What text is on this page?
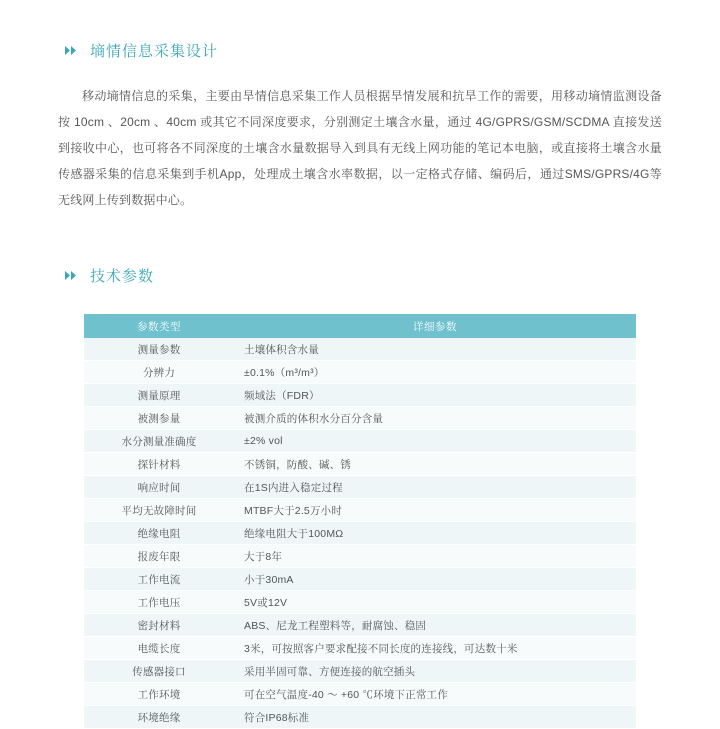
墒情信息采集设计

移动墒情信息的采集，主要由旱情信息采集工作人员根据旱情发展和抗旱工作的需要，用移动墒情监测设备按 10cm 、20cm 、40cm 或其它不同深度要求，分别测定土壤含水量，通过 4G/GPRS/GSM/SCDMA 直接发送到接收中心，也可将各不同深度的土壤含水量数据导入到具有无线上网功能的笔记本电脑，或直接将土壤含水量传感器采集的信息采集到手机App，处理成土壤含水率数据，以一定格式存储、编码后，通过SMS/GPRS/4G等无线网上传到数据中心。

技术参数
参数类型	详细参数
测量参数	土壤体积含水量
分辨力	±0.1%（m³/m³）
测量原理	频域法（FDR）
被测参量	被测介质的体积水分百分含量
水分测量准确度	±2% vol
探针材料	不锈铜，防酸、碱、锈
响应时间	在1S内进入稳定过程
平均无故障时间	MTBF大于2.5万小时
绝缘电阻	绝缘电阻大于100MΩ
报废年限	大于8年
工作电流	小于30mA
工作电压	5V或12V
密封材料	ABS、尼龙工程塑料等，耐腐蚀、稳固
电缆长度	3米，可按照客户要求配接不同长度的连接线，可达数十米
传感器接口	采用半固可靠、方便连接的航空插头
工作环境	可在空气温度-40 ～ +60 ℃环境下正常工作
环境绝缘	符合IP68标准
